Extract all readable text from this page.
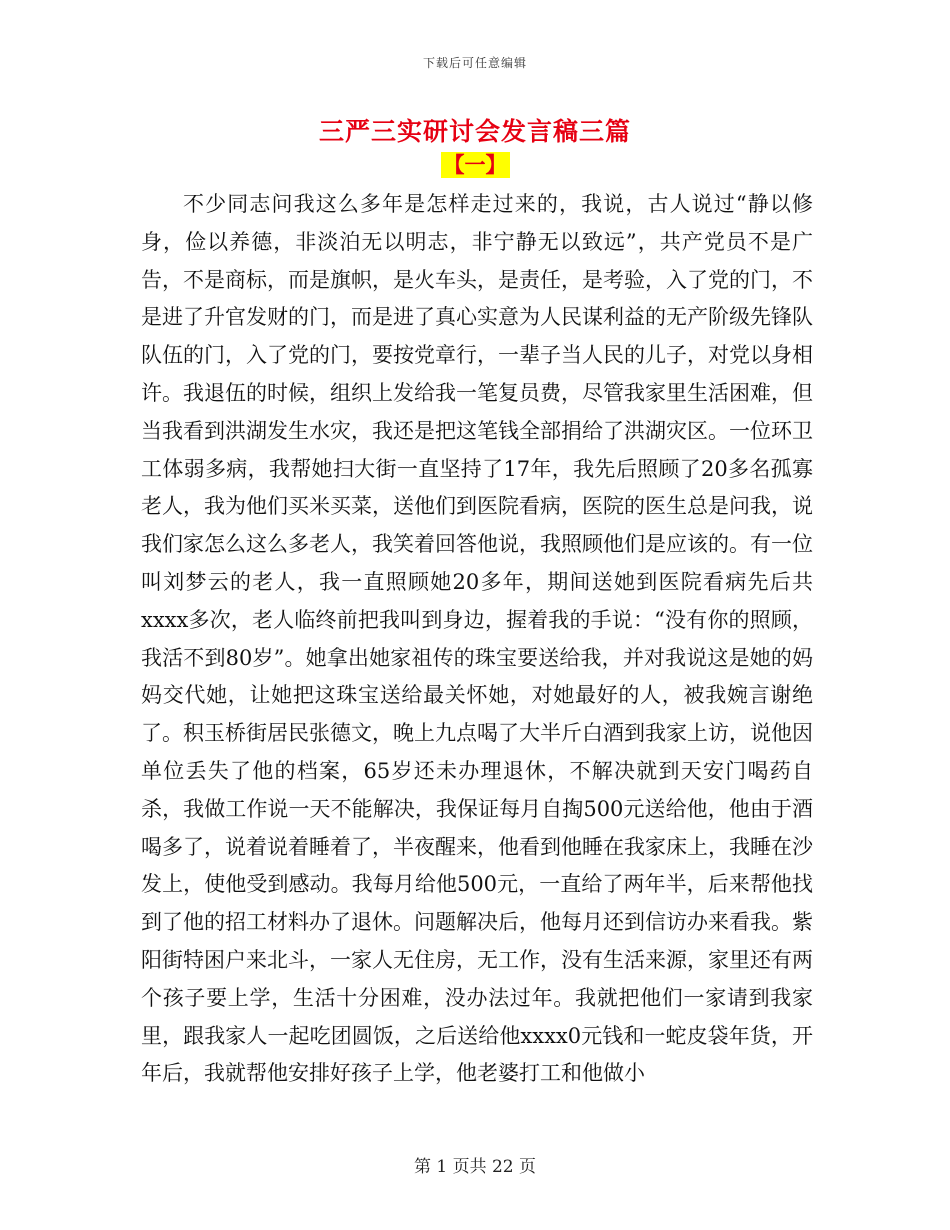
下载后可任意编辑
三严三实研讨会发言稿三篇
【一】

不少同志问我这么多年是怎样走过来的，我说，古人说过“静以修身，俭以养德，非淡泊无以明志，非宁静无以致远”，共产党员不是广告，不是商标，而是旗帜，是火车头，是责任，是考验，入了党的门，不是进了升官发财的门，而是进了真心实意为人民谋利益的无产阶级先锋队队伍的门，入了党的门，要按党章行，一辈子当人民的儿子，对党以身相许。我退伍的时候，组织上发给我一笔复员费，尽管我家里生活困难，但当我看到洪湖发生水灾，我还是把这笔钱全部捐给了洪湖灾区。一位环卫工体弱多病，我帮她扫大街一直坚持了17年，我先后照顾了20多名孤寡老人，我为他们买米买菜，送他们到医院看病，医院的医生总是问我，说我们家怎么这么多老人，我笑着回答他说，我照顾他们是应该的。有一位叫刘梦云的老人，我一直照顾她20多年，期间送她到医院看病先后共xxxx多次，老人临终前把我叫到身边，握着我的手说：“没有你的照顾，我活不到80岁”。她拿出她家祖传的珠宝要送给我，并对我说这是她的妈妈交代她，让她把这珠宝送给最关怀她，对她最好的人，被我婉言谢绝了。积玉桥街居民张德文，晚上九点喝了大半斤白酒到我家上访，说他因单位丢失了他的档案，65岁还未办理退休，不解决就到天安门喝药自杀，我做工作说一天不能解决，我保证每月自掏500元送给他，他由于酒喝多了，说着说着睡着了，半夜醒来，他看到他睡在我家床上，我睡在沙发上，使他受到感动。我每月给他500元，一直给了两年半，后来帮他找到了他的招工材料办了退休。问题解决后，他每月还到信访办来看我。紫阳街特困户来北斗，一家人无住房，无工作，没有生活来源，家里还有两个孩子要上学，生活十分困难，没办法过年。我就把他们一家请到我家里，跟我家人一起吃团圆饭，之后送给他xxxx0元钱和一蛇皮袋年货，开年后，我就帮他安排好孩子上学，他老婆打工和他做小

第 1 页共 22 页
